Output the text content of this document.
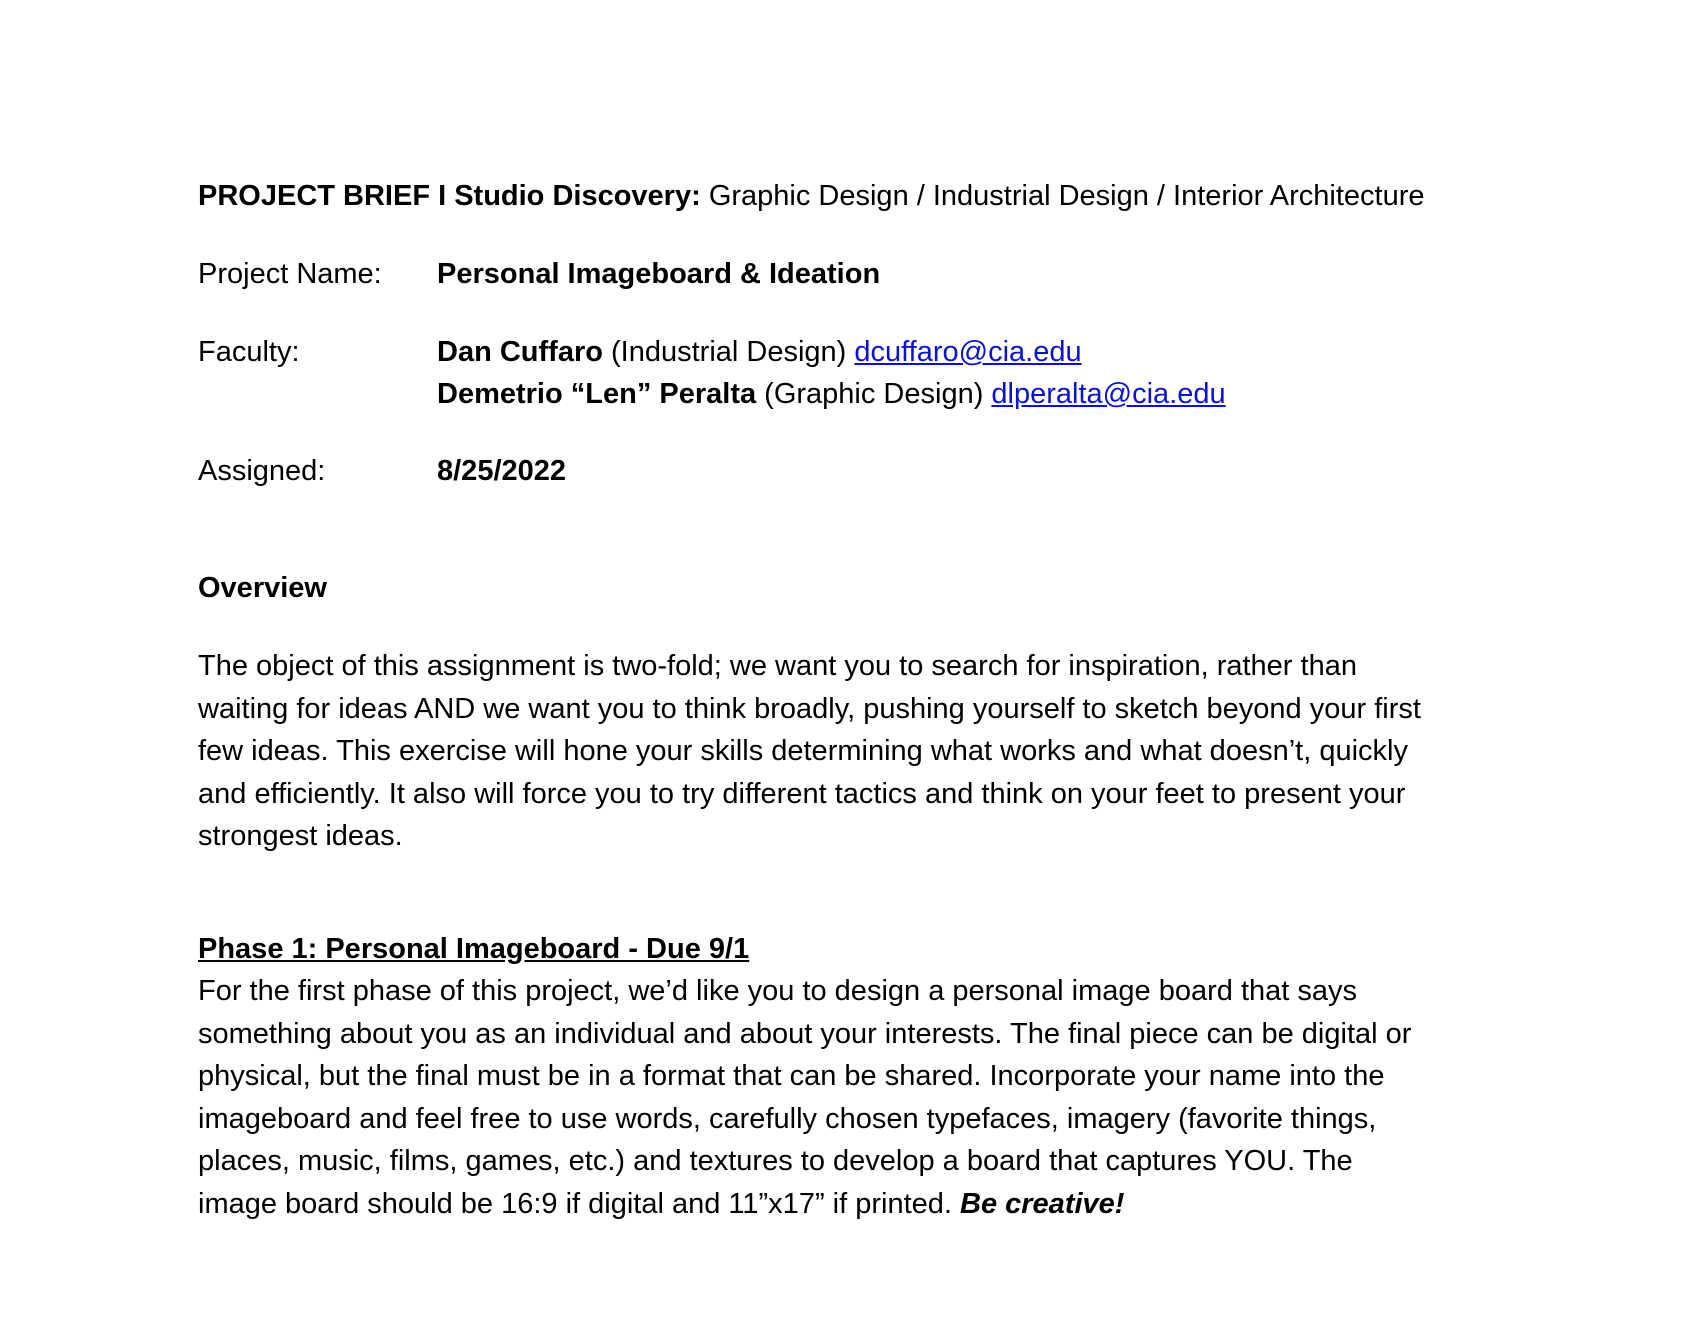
PROJECT BRIEF I Studio Discovery: Graphic Design / Industrial Design / Interior Architecture
Project Name:	Personal Imageboard & Ideation
Faculty:	Dan Cuffaro (Industrial Design) dcuffaro@cia.edu
Demetrio “Len” Peralta (Graphic Design) dlperalta@cia.edu
Assigned:	8/25/2022
Overview
The object of this assignment is two-fold; we want you to search for inspiration, rather than
waiting for ideas AND we want you to think broadly, pushing yourself to sketch beyond your first
few ideas. This exercise will hone your skills determining what works and what doesn’t, quickly
and efficiently. It also will force you to try different tactics and think on your feet to present your
strongest ideas.
Phase 1: Personal Imageboard - Due 9/1
For the first phase of this project, we’d like you to design a personal image board that says
something about you as an individual and about your interests. The final piece can be digital or
physical, but the final must be in a format that can be shared. Incorporate your name into the
imageboard and feel free to use words, carefully chosen typefaces, imagery (favorite things,
places, music, films, games, etc.) and textures to develop a board that captures YOU. The
image board should be 16:9 if digital and 11”x17” if printed. Be creative!
